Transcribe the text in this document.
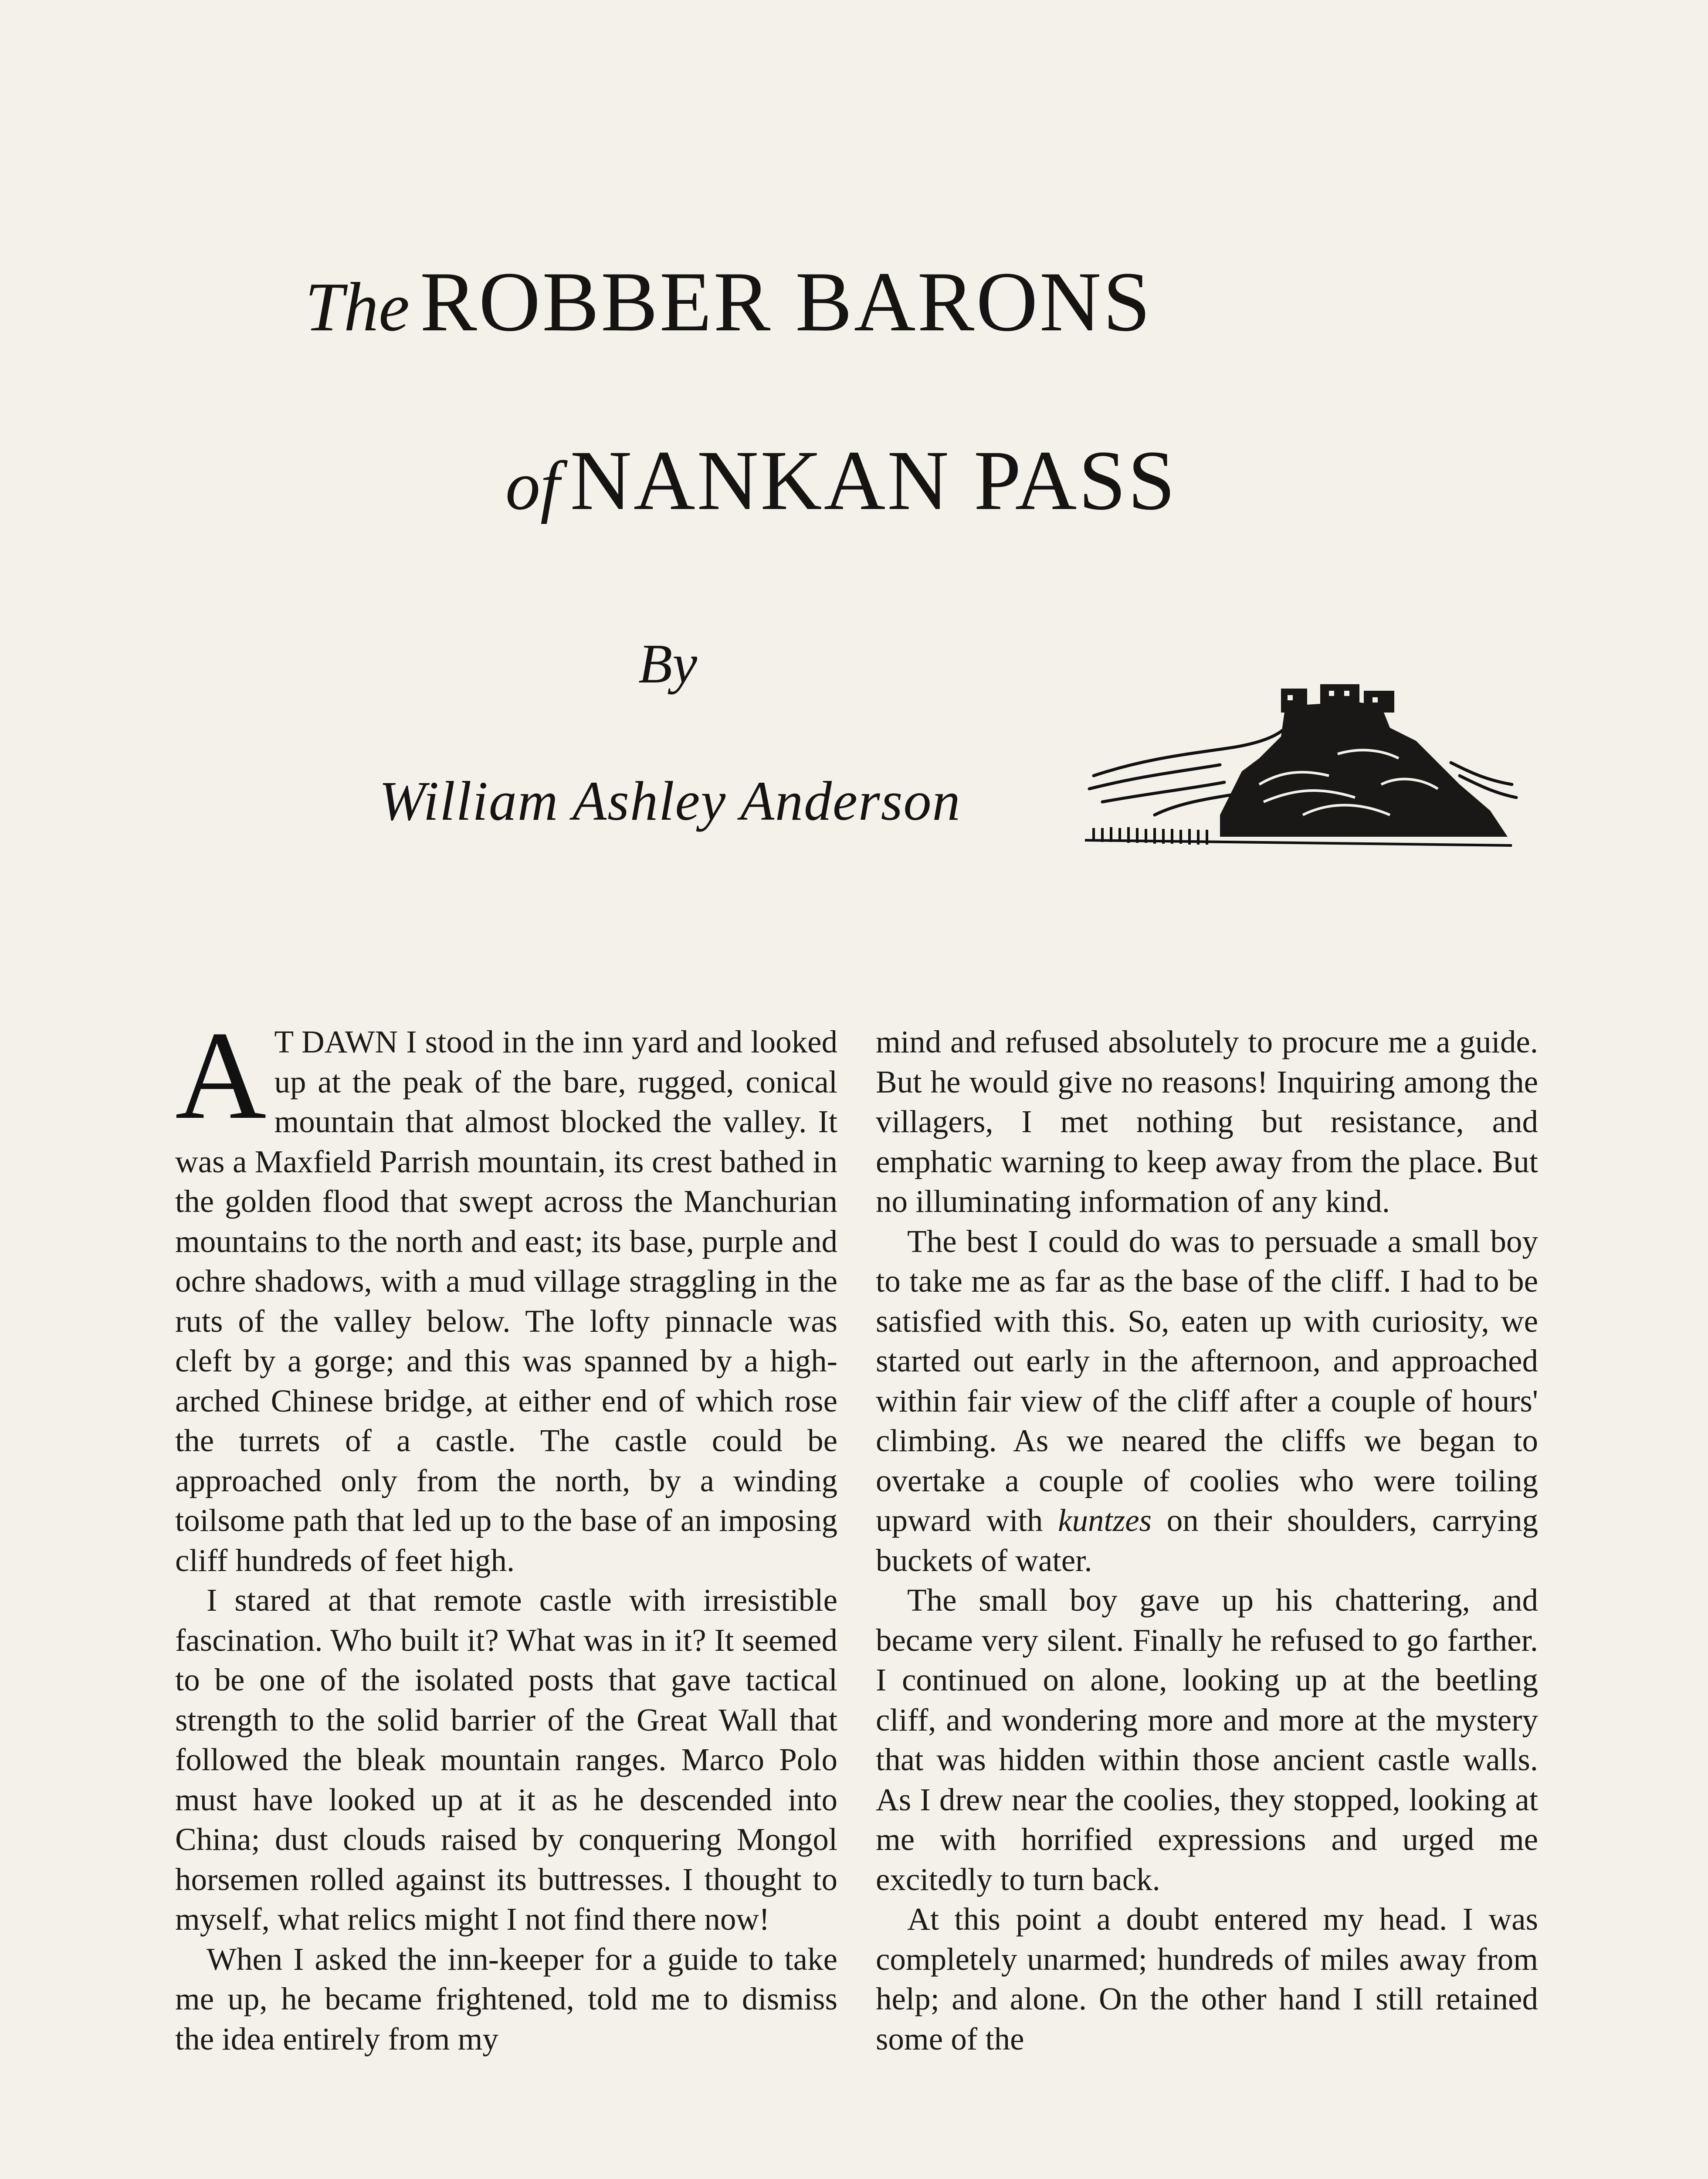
The ROBBER BARONS
of NANKAN PASS
By
William Ashley Anderson

A T DAWN I stood in the inn yard and looked up at the peak of the bare, rugged, conical mountain that almost blocked the valley. It was a Maxfield Parrish mountain, its crest bathed in the golden flood that swept across the Manchurian mountains to the north and east; its base, purple and ochre shadows, with a mud village straggling in the ruts of the valley below. The lofty pinnacle was cleft by a gorge; and this was spanned by a high-arched Chinese bridge, at either end of which rose the turrets of a castle. The castle could be approached only from the north, by a winding toilsome path that led up to the base of an imposing cliff hundreds of feet high.

I stared at that remote castle with irresistible fascination. Who built it? What was in it? It seemed to be one of the isolated posts that gave tactical strength to the solid barrier of the Great Wall that followed the bleak mountain ranges. Marco Polo must have looked up at it as he descended into China; dust clouds raised by conquering Mongol horsemen rolled against its buttresses. I thought to myself, what relics might I not find there now!

When I asked the inn-keeper for a guide to take me up, he became frightened, told me to dismiss the idea entirely from my

mind and refused absolutely to procure me a guide. But he would give no reasons! Inquiring among the villagers, I met nothing but resistance, and emphatic warning to keep away from the place. But no illuminating information of any kind.

The best I could do was to persuade a small boy to take me as far as the base of the cliff. I had to be satisfied with this. So, eaten up with curiosity, we started out early in the afternoon, and approached within fair view of the cliff after a couple of hours' climbing. As we neared the cliffs we began to overtake a couple of coolies who were toiling upward with kuntzes on their shoulders, carrying buckets of water.

The small boy gave up his chattering, and became very silent. Finally he refused to go farther. I continued on alone, looking up at the beetling cliff, and wondering more and more at the mystery that was hidden within those ancient castle walls. As I drew near the coolies, they stopped, looking at me with horrified expressions and urged me excitedly to turn back.

At this point a doubt entered my head. I was completely unarmed; hundreds of miles away from help; and alone. On the other hand I still retained some of the
